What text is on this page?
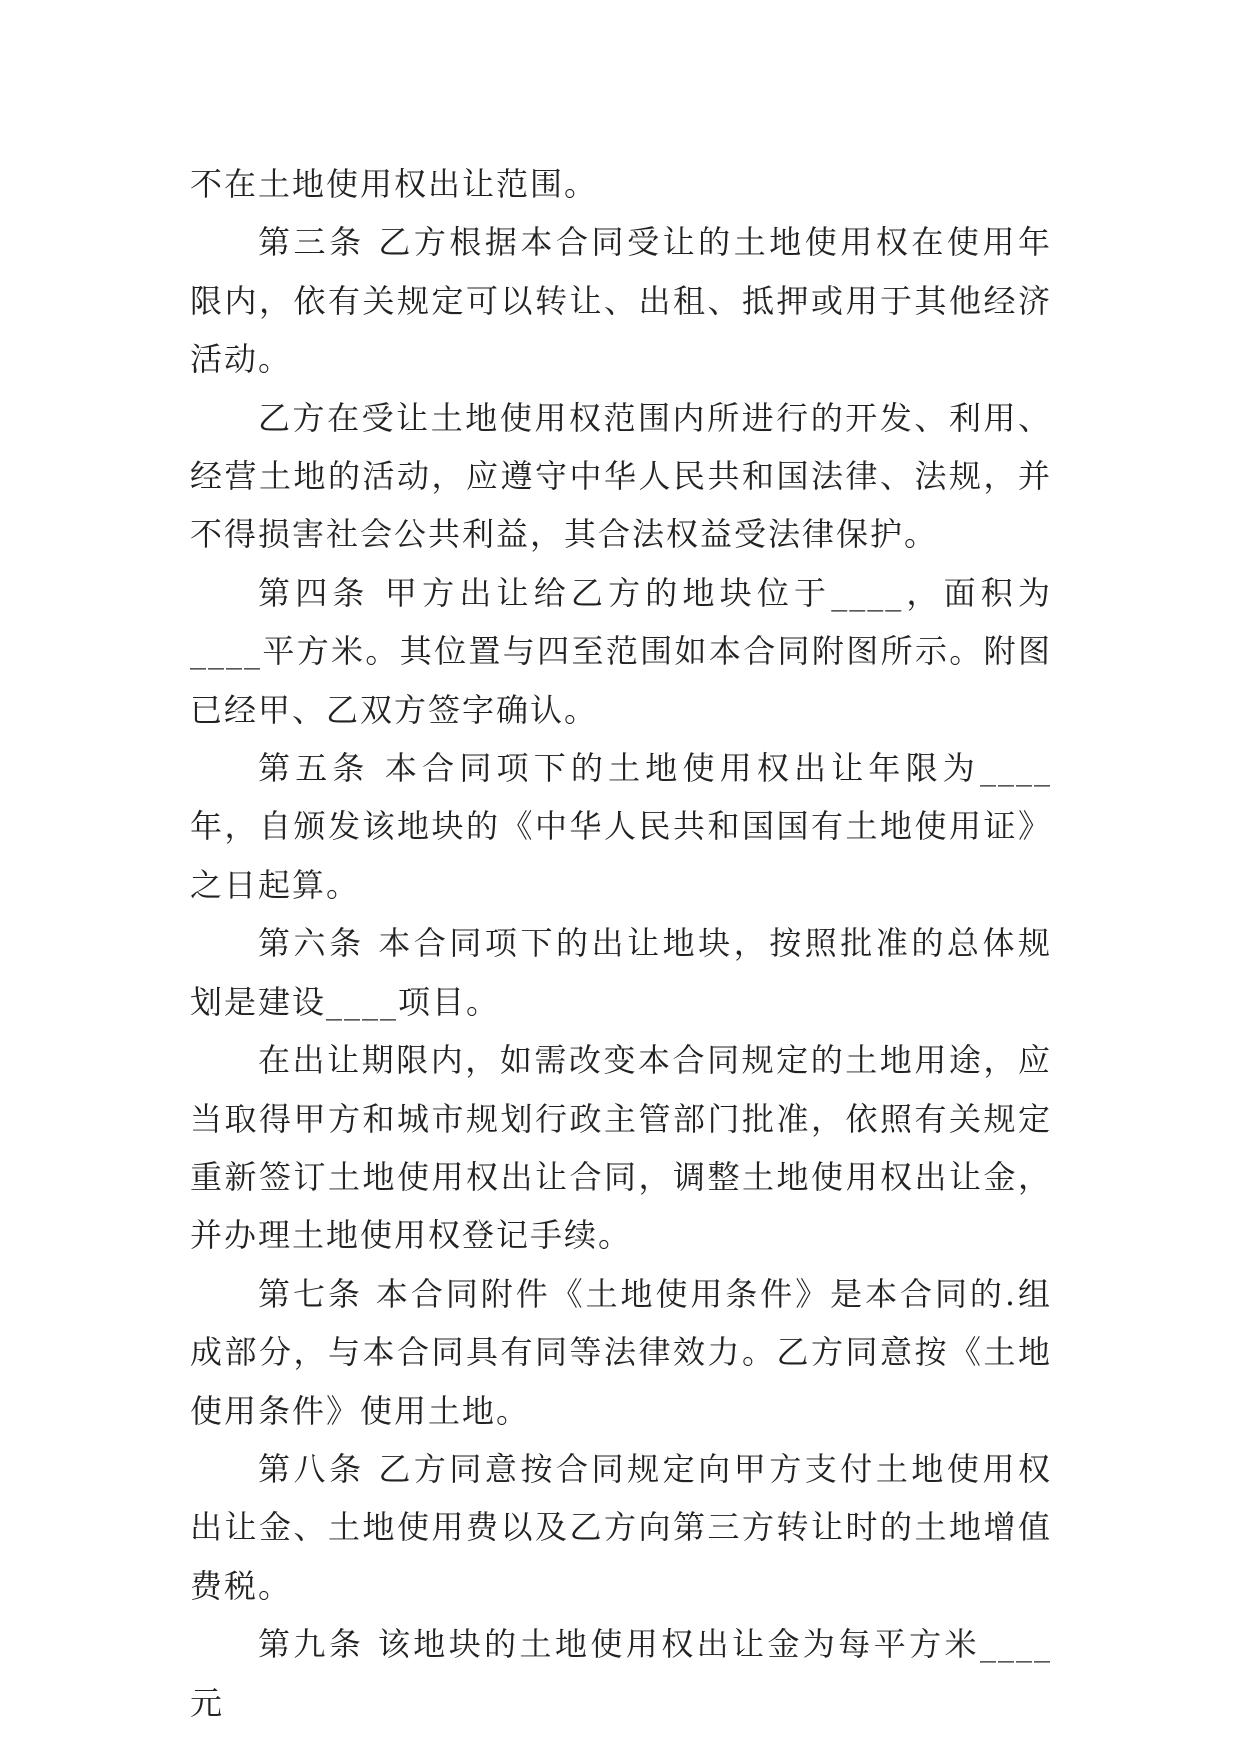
不在土地使用权出让范围。

第三条 乙方根据本合同受让的土地使用权在使用年限内，依有关规定可以转让、出租、抵押或用于其他经济活动。

乙方在受让土地使用权范围内所进行的开发、利用、经营土地的活动，应遵守中华人民共和国法律、法规，并不得损害社会公共利益，其合法权益受法律保护。

第四条 甲方出让给乙方的地块位于____，面积为____平方米。其位置与四至范围如本合同附图所示。附图已经甲、乙双方签字确认。

第五条 本合同项下的土地使用权出让年限为____年，自颁发该地块的《中华人民共和国国有土地使用证》之日起算。

第六条 本合同项下的出让地块，按照批准的总体规划是建设____项目。

在出让期限内，如需改变本合同规定的土地用途，应当取得甲方和城市规划行政主管部门批准，依照有关规定重新签订土地使用权出让合同，调整土地使用权出让金，并办理土地使用权登记手续。

第七条 本合同附件《土地使用条件》是本合同的.组成部分，与本合同具有同等法律效力。乙方同意按《土地使用条件》使用土地。

第八条 乙方同意按合同规定向甲方支付土地使用权出让金、土地使用费以及乙方向第三方转让时的土地增值费税。

第九条 该地块的土地使用权出让金为每平方米____元
